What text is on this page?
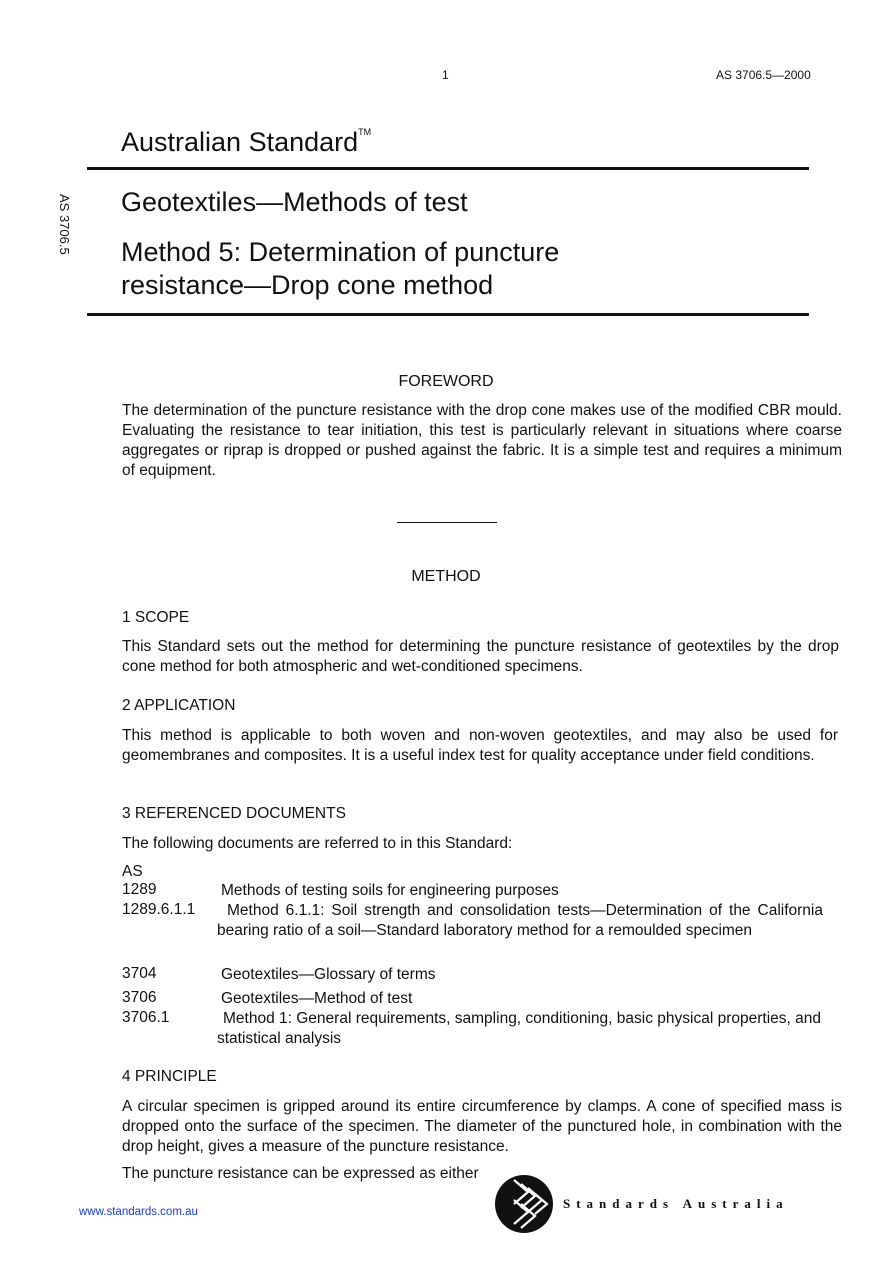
1	AS 3706.5—2000
AS 3706.5
Australian Standard™
Geotextiles—Methods of test
Method 5: Determination of puncture
resistance—Drop cone method
FOREWORD
The determination of the puncture resistance with the drop cone makes use of the modified CBR mould. Evaluating the resistance to tear initiation, this test is particularly relevant in situations where coarse aggregates or riprap is dropped or pushed against the fabric. It is a simple test and requires a minimum of equipment.
METHOD
1 SCOPE
This Standard sets out the method for determining the puncture resistance of geotextiles by the drop cone method for both atmospheric and wet-conditioned specimens.
2 APPLICATION
This method is applicable to both woven and non-woven geotextiles, and may also be used for geomembranes and composites. It is a useful index test for quality acceptance under field conditions.
3 REFERENCED DOCUMENTS
The following documents are referred to in this Standard:
AS
1289	Methods of testing soils for engineering purposes
1289.6.1.1	Method 6.1.1: Soil strength and consolidation tests—Determination of the California bearing ratio of a soil—Standard laboratory method for a remoulded specimen
3704	Geotextiles—Glossary of terms
3706	Geotextiles—Method of test
3706.1	Method 1: General requirements, sampling, conditioning, basic physical properties, and statistical analysis
4 PRINCIPLE
A circular specimen is gripped around its entire circumference by clamps. A cone of specified mass is dropped onto the surface of the specimen. The diameter of the punctured hole, in combination with the drop height, gives a measure of the puncture resistance.
The puncture resistance can be expressed as either
www.standards.com.au
Standards Australia
